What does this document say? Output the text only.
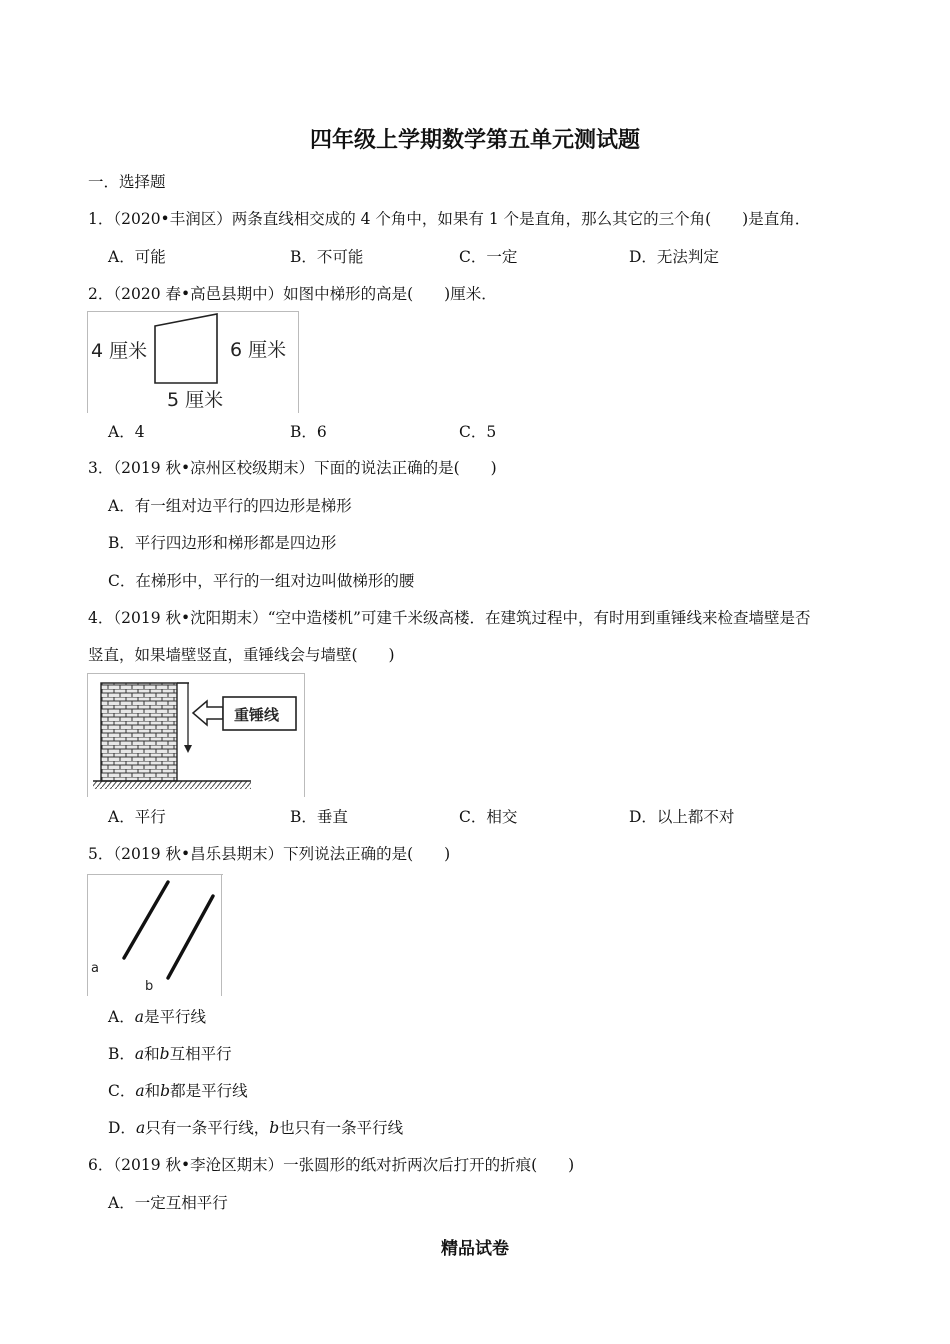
四年级上学期数学第五单元测试题
一．选择题
1．（2020•丰润区）两条直线相交成的 4 个角中，如果有 1 个是直角，那么其它的三个角(　　)是直角．
A．可能	B．不可能	C．一定	D．无法判定
2．（2020 春•高邑县期中）如图中梯形的高是(　　)厘米．
4 厘米	6 厘米
5 厘米
A．4	B．6	C．5
3．（2019 秋•凉州区校级期末）下面的说法正确的是(　　)
A．有一组对边平行的四边形是梯形
B．平行四边形和梯形都是四边形
C．在梯形中，平行的一组对边叫做梯形的腰
4．（2019 秋•沈阳期末）“空中造楼机”可建千米级高楼．在建筑过程中，有时用到重锤线来检查墙壁是否
竖直，如果墙壁竖直，重锤线会与墙壁(　　)
重锤线
A．平行	B．垂直	C．相交	D．以上都不对
5．（2019 秋•昌乐县期末）下列说法正确的是(　　)
a
b
A．a是平行线
B．a和b互相平行
C．a和b都是平行线
D．a只有一条平行线，b也只有一条平行线
6．（2019 秋•李沧区期末）一张圆形的纸对折两次后打开的折痕(　　)
A．一定互相平行
精品试卷
